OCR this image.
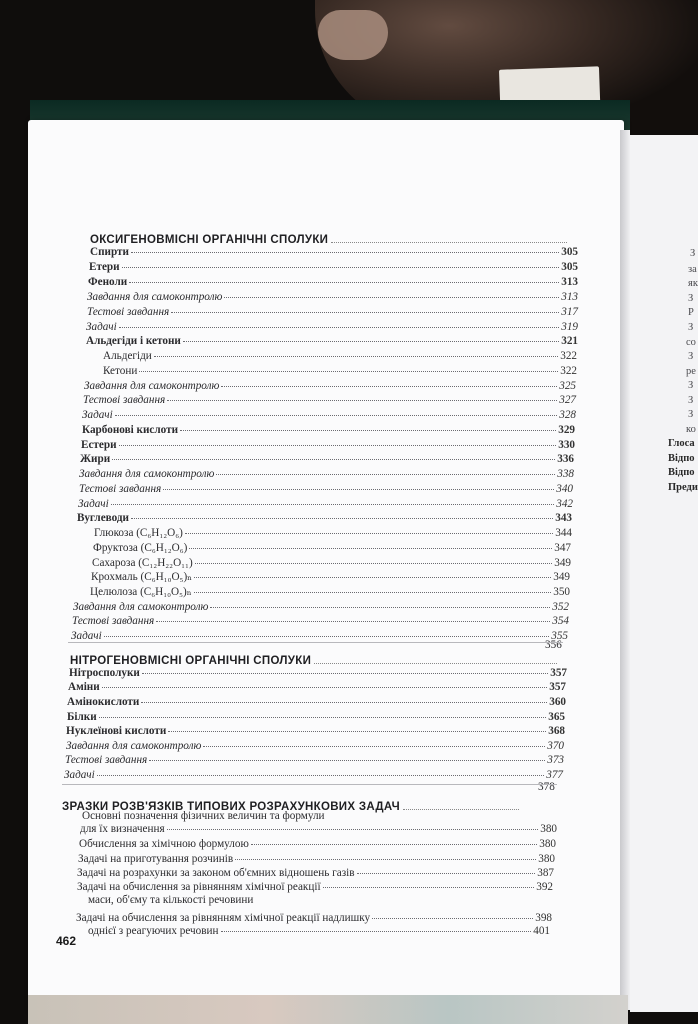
ОКСИГЕНОВМІСНІ ОРГАНІЧНІ СПОЛУКИ
Спирти	305
Етери	305
Феноли	313
Завдання для самоконтролю	313
Тестові завдання	317
Задачі	319
Альдегіди і кетони	321
Альдегіди	322
Кетони	322
Завдання для самоконтролю	325
Тестові завдання	327
Задачі	328
Карбонові кислоти	329
Естери	330
Жири	336
Завдання для самоконтролю	338
Тестові завдання	340
Задачі	342
Вуглеводи	343
Глюкоза (C₆H₁₂O₆)	344
Фруктоза (C₆H₁₂O₆)	347
Сахароза (C₁₂H₂₂O₁₁)	349
Крохмаль (C₆H₁₀O₅)ₙ	349
Целюлоза (C₆H₁₀O₅)ₙ	350
Завдання для самоконтролю	352
Тестові завдання	354
Задачі	355
356
НІТРОГЕНОВМІСНІ ОРГАНІЧНІ СПОЛУКИ
Нітросполуки	357
Аміни	357
Амінокислоти	360
Білки	365
Нуклеїнові кислоти	368
Завдання для самоконтролю	370
Тестові завдання	373
Задачі	377
378
ЗРАЗКИ РОЗВ'ЯЗКІВ ТИПОВИХ РОЗРАХУНКОВИХ ЗАДАЧ
Основні позначення фізичних величин та формули
для їх визначення	380
Обчислення за хімічною формулою	380
Задачі на приготування розчинів	380
Задачі на розрахунки за законом об'ємних відношень газів	387
Задачі на обчислення за рівнянням хімічної реакції	392
маси, об'єму та кількості речовини
Задачі на обчислення за рівнянням хімічної реакції надлишку	398
однієї з реагуючих речовин	401
462
З
за
як
З
Р
З
со
З
ре
З
З
З
ко
Глоса
Відпо
Відпо
Преди
